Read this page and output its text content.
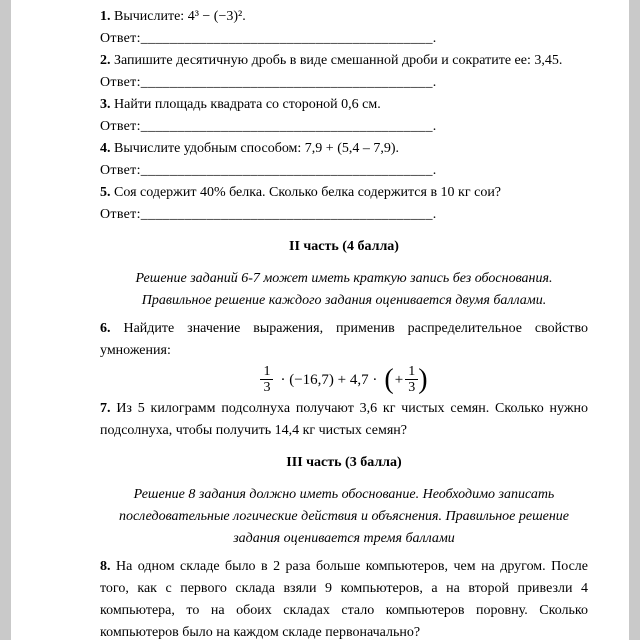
1. Вычислите: 4³ − (−3)².

Ответ:________________________________________.

2. Запишите десятичную дробь в виде смешанной дроби и сократите ее: 3,45.

Ответ:________________________________________.

3. Найти площадь квадрата со стороной 0,6 см.

Ответ:________________________________________.

4. Вычислите удобным способом: 7,9 + (5,4 – 7,9).

Ответ:________________________________________.

5. Соя содержит 40% белка. Сколько белка содержится в 10 кг сои?

Ответ:________________________________________.

II часть (4 балла)

Решение заданий 6-7 может иметь краткую запись без обоснования.
Правильное решение каждого задания оценивается двумя баллами.

6. Найдите значение выражения, применив распределительное свойство умножения:

$\frac{1}{3} \cdot (-16,7) + 4,7$ · ( + $\frac{1}{3}$ )

7. Из 5 килограмм подсолнуха получают 3,6 кг чистых семян. Сколько нужно подсолнуха, чтобы получить 14,4 кг чистых семян?

III часть (3 балла)

Решение 8 задания должно иметь обоснование. Необходимо записать
последовательные логические действия и объяснения. Правильное решение
задания оценивается тремя баллами

8. На одном складе было в 2 раза больше компьютеров, чем на другом. После того, как с первого склада взяли 9 компьютеров, а на второй привезли 4 компьютера, то на обоих складах стало компьютеров поровну. Сколько компьютеров было на каждом складе первоначально?
